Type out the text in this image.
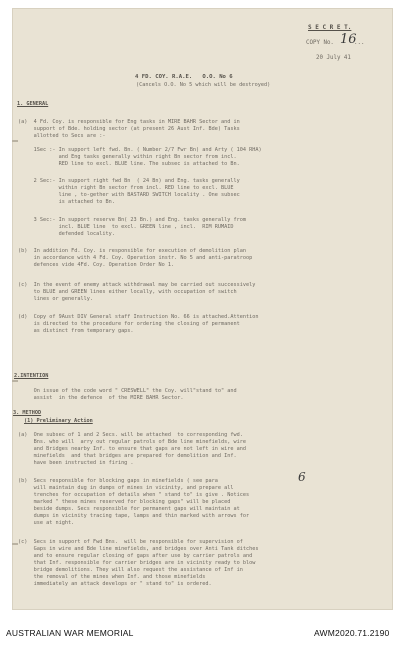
S E C R E T.
COPY No. 16
...
20 July 41
4 FD. COY. R.A.E.   O.O. No 6
(Cancels O.O. No 5 which will be destroyed)
1. GENERAL
2.INTENTION
3. METHOD
(1) Preliminary Action
(a)  4 Fd. Coy. is responsible for Eng tasks in MIRE BAHR Sector and in
support of Bde. holding sector (at present 26 Aust Inf. Bde) Tasks
allotted to Secs are :-
1Sec :- In support left fwd. Bn. ( Number 2/7 Fwr Bn) and Arty ( 104 RHA)
and Eng tasks generally within right Bn sector from incl.
RED line to excl. BLUE line. The subsec is attached to Bn.
2 Sec:- In support right fwd Bn  ( 24 Bn) and Eng. tasks generally
within right Bn sector from incl. RED line to excl. BLUE
line , to-gether with BASTARD SWITCH locality . One subsec
is attached to Bn.
3 Sec:- In support reserve Bn( 23 Bn.) and Eng. tasks generally from
incl. BLUE line  to excl. GREEN line , incl.  RIM RUMAID
defended locality.
(b)  In addition Fd. Coy. is responsible for execution of demolition plan
in accordance with 4 Fd. Coy. Operation instr. No 5 and anti-paratroop
defences vide 4Fd. Coy. Operation Order No 1.
(c)  In the event of enemy attack withdrawal may be carried out successively
to BLUE and GREEN lines either locally, with occupation of switch
lines or generally.
(d)  Copy of 9Aust DIV General staff Instruction No. 66 is attached.Attention
is directed to the procedure for ordering the closing of permanent
as distinct from temporary gaps.
On issue of the code word " CRESWELL" the Coy. will"stand to" and
assist  in the defence  of the MIRE BAHR Sector.
(a)  One subsec of 1 and 2 Secs. will be attached  to corresponding fwd.
Bns. who will  arry out regular patrols of Bde line minefields, wire
and Bridges nearby Inf. to ensure that gaps are not left in wire and
minefields  and that bridges are prepared for demolition and Inf.
have been instructed in firing .
(b)  Secs responsible for blocking gaps in minefields ( see para	6
will maintain dug in dumps of mines in vicinity, and prepare all
trenches for occupation of details when " stand to" is give . Notices
marked " these mines reserved for blocking gaps" will be placed
beside dumps. Secs responsible for permanent gaps will maintain at
dumps in vicinity tracing tape, lamps and thin marked with arrows for
use at night.
(c)  Secs in support of Fwd Bns.  will be responsible for supervision of
Gaps in wire and Bde line minefields, and bridges over Anti Tank ditches
and to ensure regular closing of gaps after use by carrier patrols and
that Inf. responsible for carrier bridges are in vicinity ready to blow
bridge demolitions. They will also request the assistance of Inf in
the removal of the mines when Inf. and those minefields
immediately an attack develops or " stand to" is ordered.
AUSTRALIAN WAR MEMORIAL	AWM2020.71.2190
